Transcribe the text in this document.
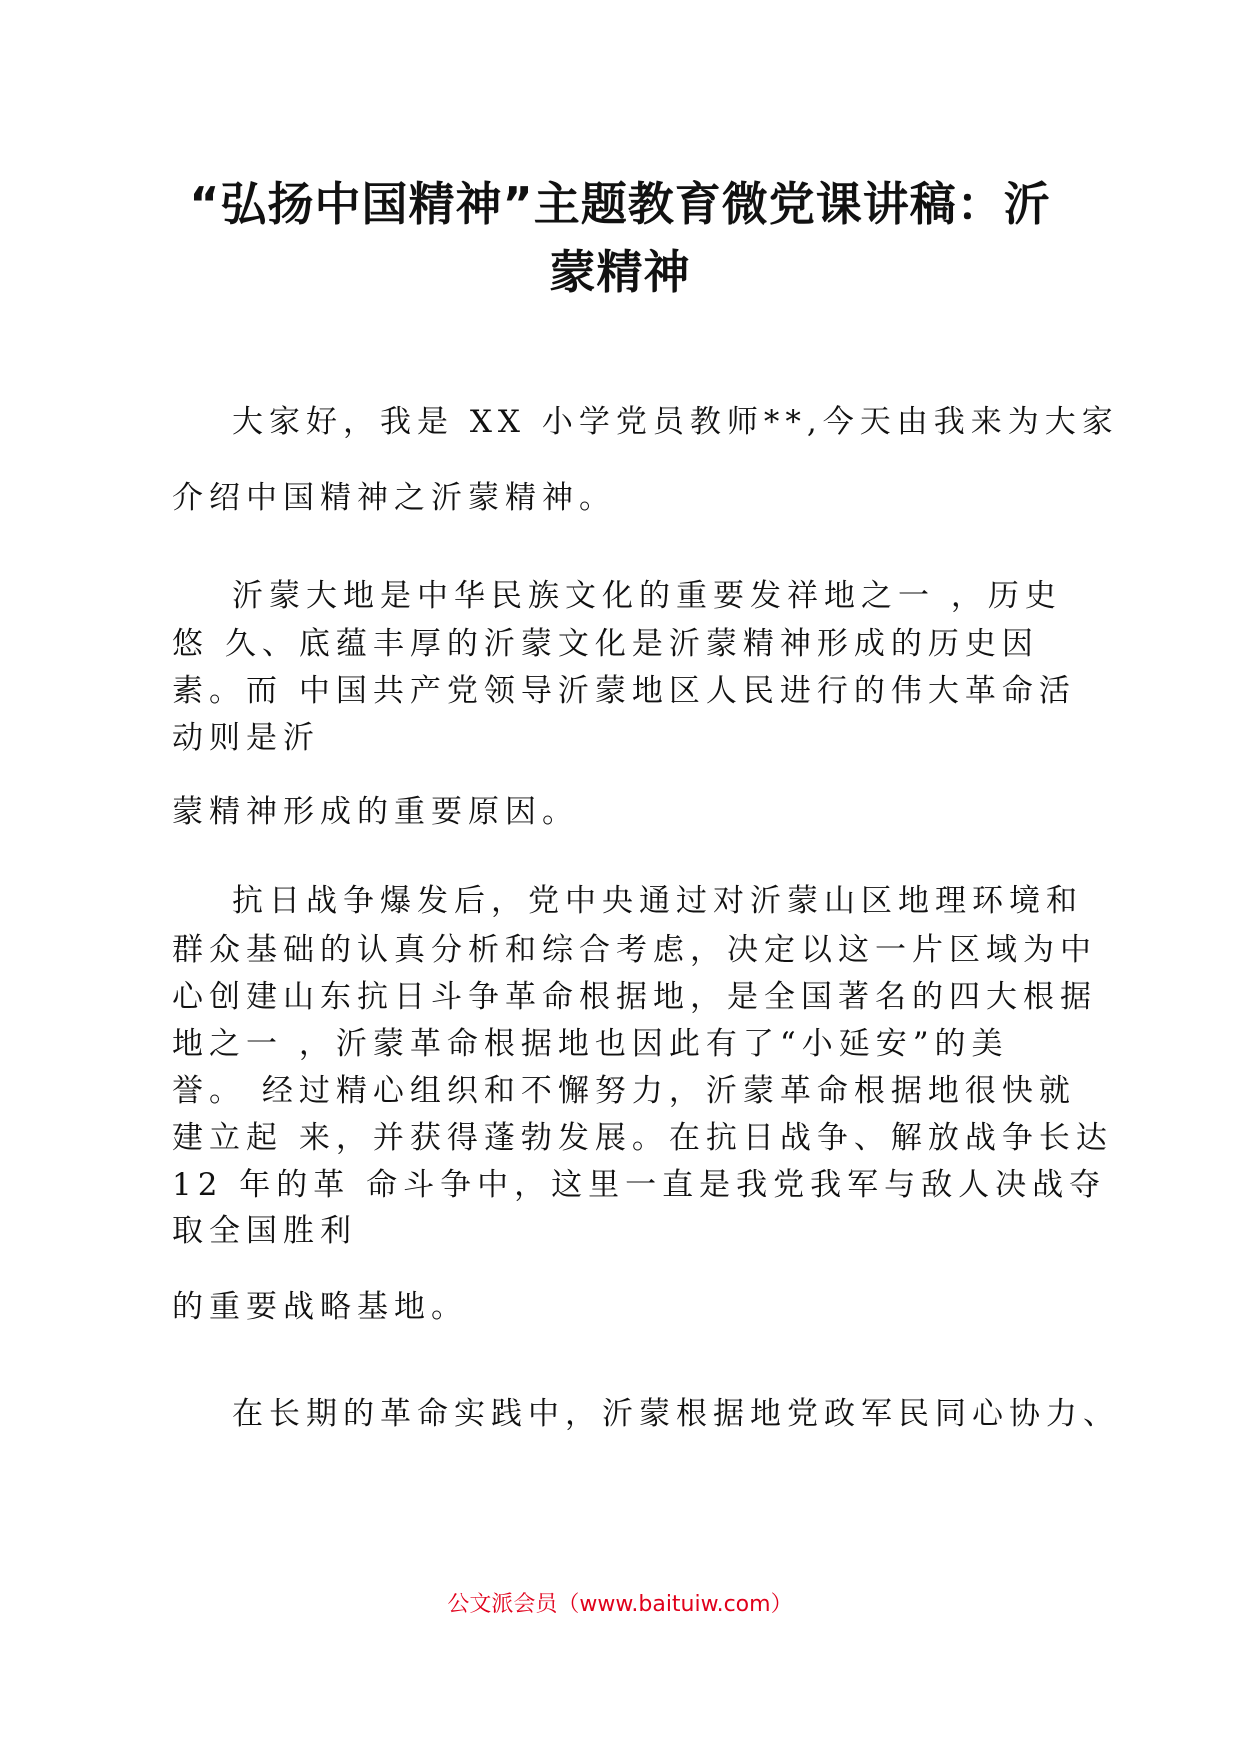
“弘扬中国精神”主题教育微党课讲稿：沂
蒙精神
大家好，我是 XX 小学党员教师**,今天由我来为大家
介绍中国精神之沂蒙精神。
沂蒙大地是中华民族文化的重要发祥地之一 ，历史
悠 久、底蕴丰厚的沂蒙文化是沂蒙精神形成的历史因
素。而 中国共产党领导沂蒙地区人民进行的伟大革命活
动则是沂
蒙精神形成的重要原因。
抗日战争爆发后，党中央通过对沂蒙山区地理环境和
群众基础的认真分析和综合考虑，决定以这一片区域为中
心创建山东抗日斗争革命根据地，是全国著名的四大根据
地之一 ，沂蒙革命根据地也因此有了“小延安”的美
誉。 经过精心组织和不懈努力，沂蒙革命根据地很快就
建立起 来，并获得蓬勃发展。在抗日战争、解放战争长达
12 年的革 命斗争中，这里一直是我党我军与敌人决战夺
取全国胜利
的重要战略基地。
在长期的革命实践中，沂蒙根据地党政军民同心协力、
公文派会员（www.baituiw.com）
